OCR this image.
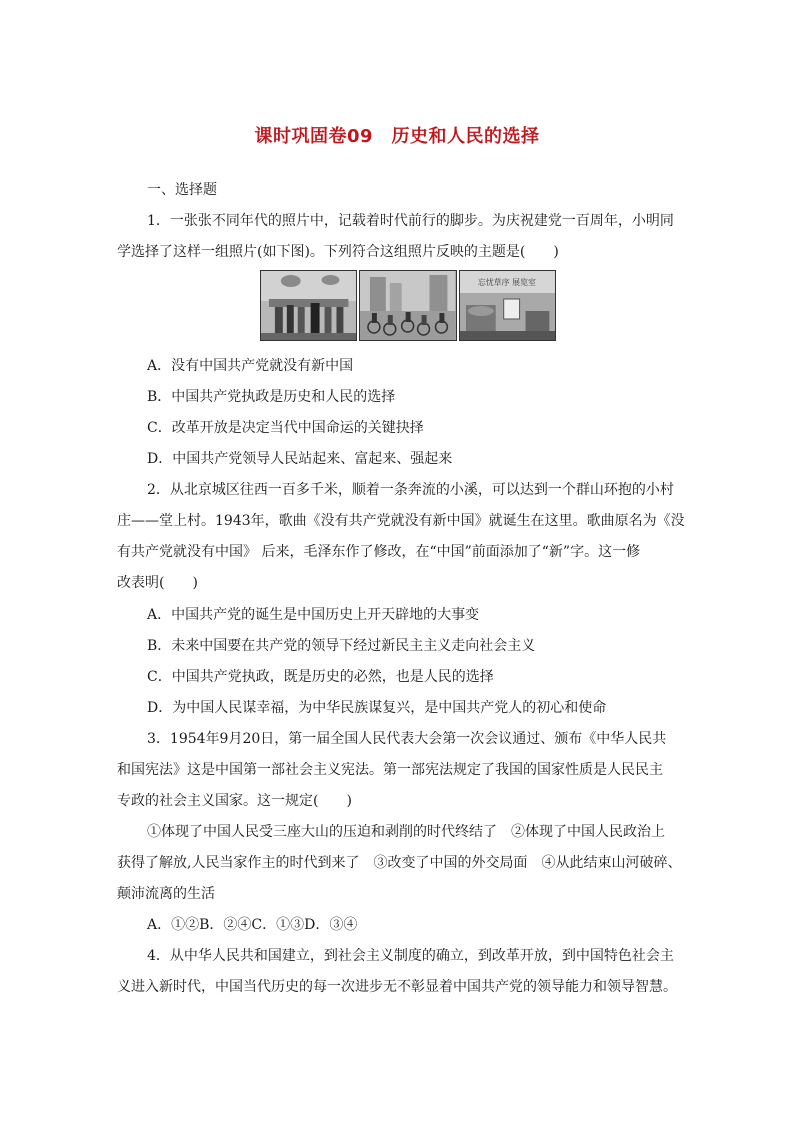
课时巩固卷09　历史和人民的选择
一、选择题
1．一张张不同年代的照片中，记载着时代前行的脚步。为庆祝建党一百周年，小明同
学选择了这样一组照片(如下图)。下列符合这组照片反映的主题是(　　)
忘忧草序 展览室
A．没有中国共产党就没有新中国
B．中国共产党执政是历史和人民的选择
C．改革开放是决定当代中国命运的关键抉择
D．中国共产党领导人民站起来、富起来、强起来
2．从北京城区往西一百多千米，顺着一条奔流的小溪，可以达到一个群山环抱的小村
庄——堂上村。1943年，歌曲《没有共产党就没有新中国》就诞生在这里。歌曲原名为《没
有共产党就没有中国》 后来，毛泽东作了修改，在“中国”前面添加了“新”字。这一修
改表明(　　)
A．中国共产党的诞生是中国历史上开天辟地的大事变
B．未来中国要在共产党的领导下经过新民主主义走向社会主义
C．中国共产党执政，既是历史的必然，也是人民的选择
D．为中国人民谋幸福，为中华民族谋复兴，是中国共产党人的初心和使命
3．1954年9月20日，第一届全国人民代表大会第一次会议通过、颁布《中华人民共
和国宪法》这是中国第一部社会主义宪法。第一部宪法规定了我国的国家性质是人民民主
专政的社会主义国家。这一规定(　　)
①体现了中国人民受三座大山的压迫和剥削的时代终结了　②体现了中国人民政治上
获得了解放,人民当家作主的时代到来了　③改变了中国的外交局面　④从此结束山河破碎、
颠沛流离的生活
A．①②B．②④C．①③D．③④
4．从中华人民共和国建立，到社会主义制度的确立，到改革开放，到中国特色社会主
义进入新时代，中国当代历史的每一次进步无不彰显着中国共产党的领导能力和领导智慧。
